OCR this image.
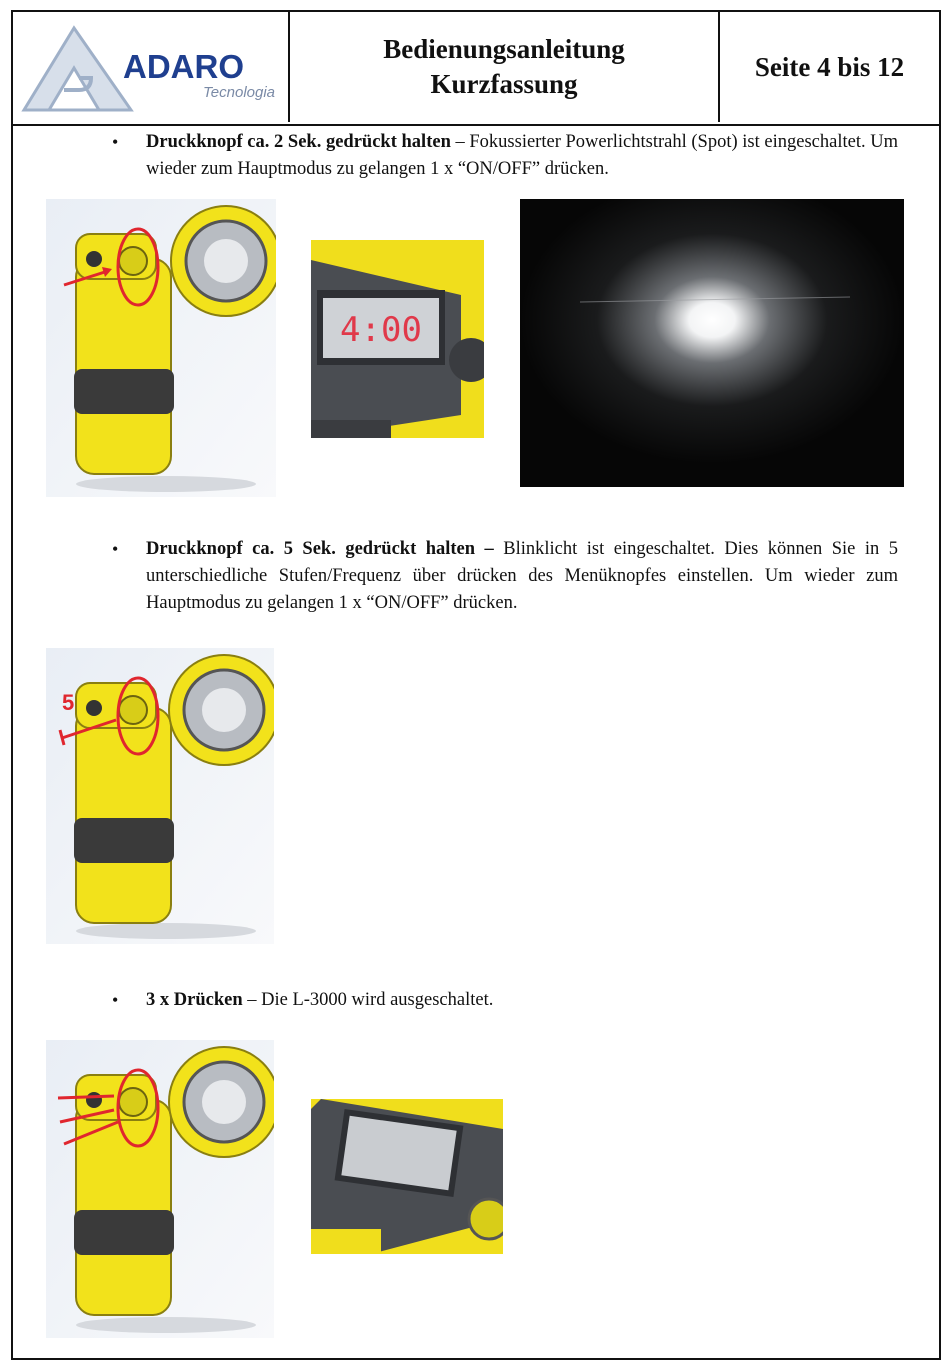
ADARO
Tecnologia
Bedienungsanleitung
Kurzfassung
Seite 4 bis 12
• Druckknopf ca. 2 Sek. gedrückt halten – Fokussierter Powerlichtstrahl (Spot) ist eingeschaltet. Um wieder zum Hauptmodus zu gelangen 1 x “ON/OFF” drücken.
4:00
• Druckknopf ca. 5 Sek. gedrückt halten – Blinklicht ist eingeschaltet. Dies können Sie in 5 unterschiedliche Stufen/Frequenz über drücken des Menüknopfes einstellen. Um wieder zum Hauptmodus zu gelangen 1 x “ON/OFF” drücken.
5
• 3 x Drücken – Die L-3000 wird ausgeschaltet.
